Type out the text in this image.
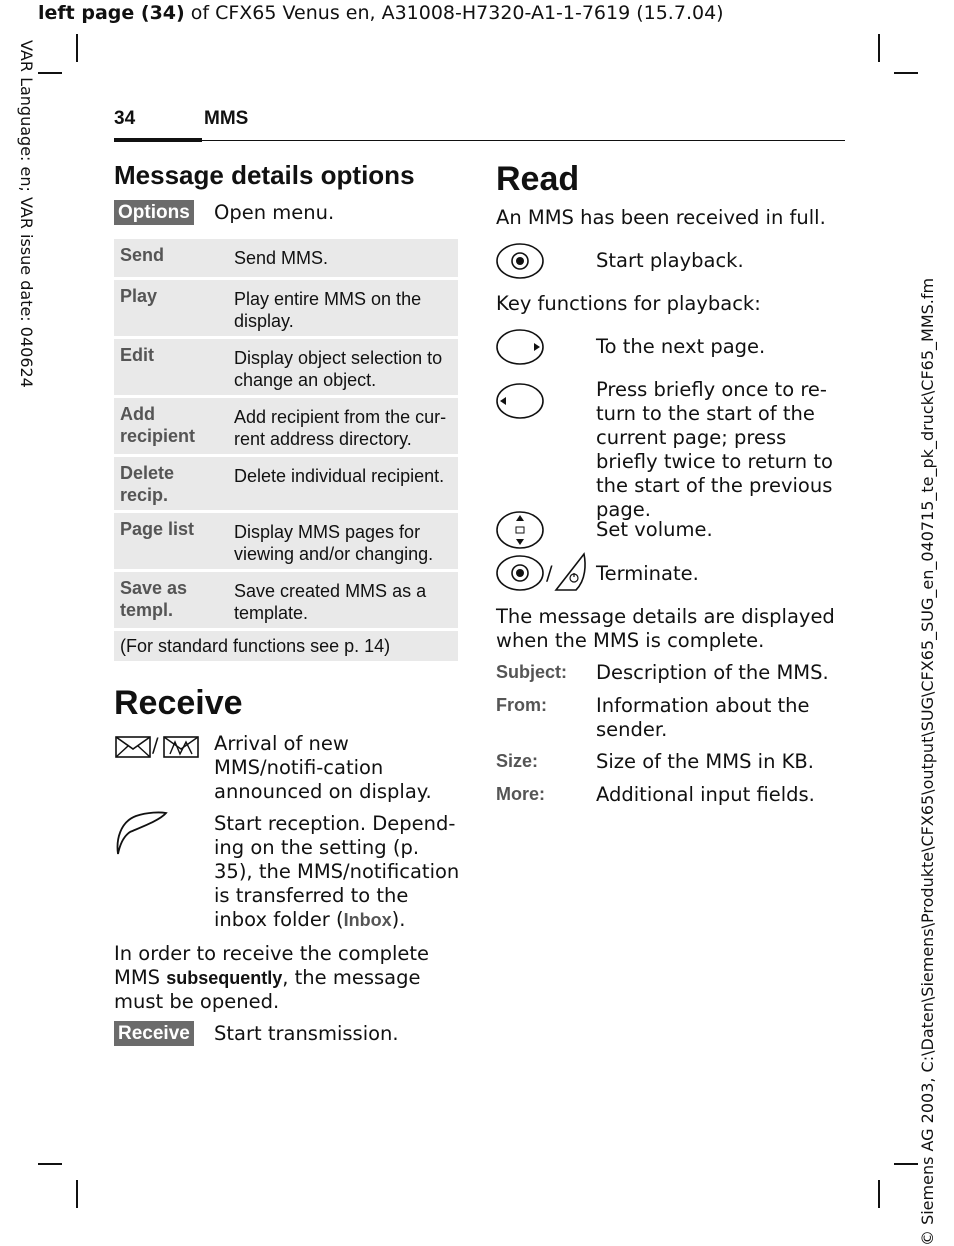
left page (34) of CFX65 Venus en, A31008-H7320-A1-1-7619 (15.7.04)
VAR Language: en; VAR issue date: 040624
© Siemens AG 2003, C:\Daten\Siemens\Produkte\CFX65\output\SUG\CFX65_SUG_en_040715_te_pk_druck\CF65_MMS.fm
34	MMS
Message details options
Options Open menu.
Send	Send MMS.
Play	Play entire MMS on the display.
Edit	Display object selection to change an object.
Add recipient	Add recipient from the cur-rent address directory.
Delete recip.	Delete individual recipient.
Page list	Display MMS pages for viewing and/or changing.
Save as templ.	Save created MMS as a template.
(For standard functions see p. 14)	
Receive
/	Arrival of new MMS/notifi-cation announced on display.
Start reception. Depend-ing on the setting (p. 35), the MMS/notification is transferred to the inbox folder (Inbox).
In order to receive the complete MMS subsequently, the message must be opened.
Receive Start transmission.
Read
An MMS has been received in full.
Start playback.
Key functions for playback:
To the next page.
Press briefly once to re-turn to the start of the current page; press briefly twice to return to the start of the previous page.
Set volume.
/ Terminate.
The message details are displayed when the MMS is complete.
Subject: Description of the MMS.
From:	Information about the sender.
Size:	Size of the MMS in KB.
More:	Additional input fields.
